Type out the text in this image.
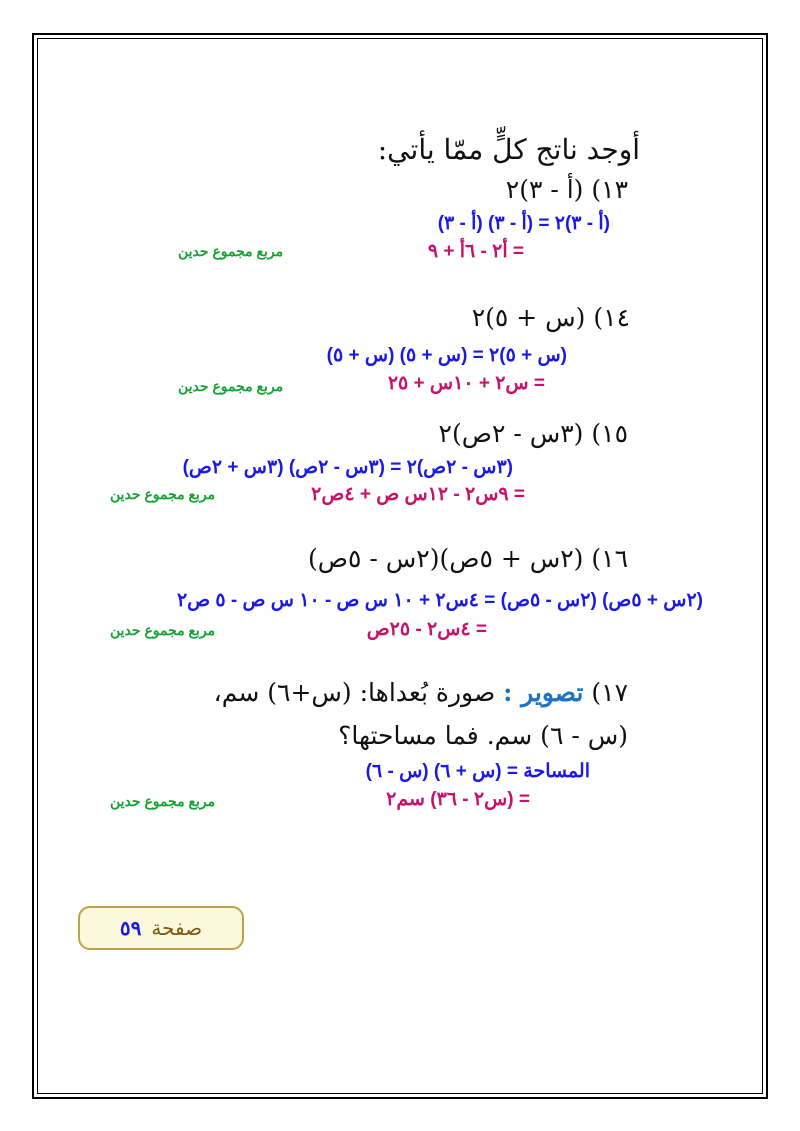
أوجد ناتج كلٍّ ممّا يأتي:
١٣) (أ - ٣)٢
(أ - ٣)٢ = (أ - ٣) (أ - ٣)
= أ٢ - ٦أ + ٩
مربع مجموع حدين
١٤) (س + ٥)٢
(س + ٥)٢ = (س + ٥) (س + ٥)
= س٢ + ١٠س + ٢٥
مربع مجموع حدين
١٥) (٣س - ٢ص)٢
(٣س - ٢ص)٢ = (٣س - ٢ص) (٣س + ٢ص)
= ٩س٢ - ١٢س ص + ٤ص٢
مربع مجموع حدين
١٦) (٢س + ٥ص)(٢س - ٥ص)
(٢س + ٥ص) (٢س - ٥ص) = ٤س٢ + ١٠ س ص - ١٠ س ص - ٥ ص٢
= ٤س٢ - ٢٥ص
مربع مجموع حدين
١٧) تصوير : صورة بُعداها: (س+٦) سم،
(س - ٦) سم. فما مساحتها؟
المساحة = (س + ٦) (س - ٦)
= (س٢ - ٣٦) سم٢
مربع مجموع حدين
صفحة
٥٩
